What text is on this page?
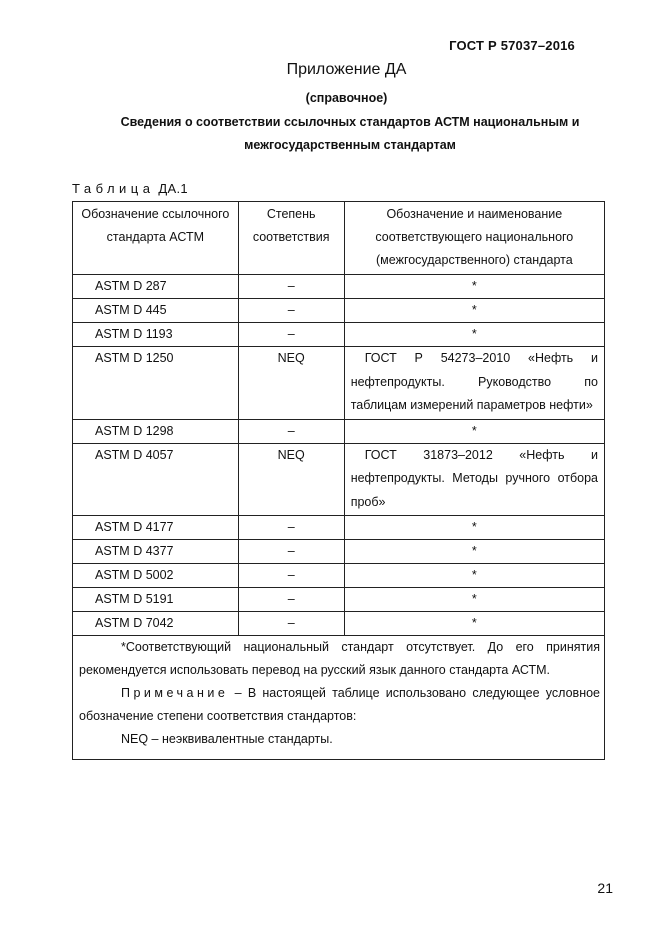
ГОСТ Р 57037–2016
Приложение ДА
(справочное)
Сведения о соответствии ссылочных стандартов АСТМ национальным и
межгосударственным стандартам
Таблица ДА.1
Обозначение ссылочного стандарта АСТМ	Степень соответствия	Обозначение и наименование соответствующего национального (межгосударственного) стандарта
ASTM D 287	–	*
ASTM D 445	–	*
ASTM D 1193	–	*
ASTM D 1250	NEQ	ГОСТ Р 54273–2010 «Нефть и нефтепродукты. Руководство по таблицам измерений параметров нефти»

ASTM D 1298	–	*
ASTM D 4057	NEQ	ГОСТ 31873–2012 «Нефть и нефтепродукты. Методы ручного отбора проб»

ASTM D 4177	–	*
ASTM D 4377	–	*
ASTM D 5002	–	*
ASTM D 5191	–	*
ASTM D 7042	–	*

*Соответствующий национальный стандарт отсутствует. До его принятия рекомендуется использовать перевод на русский язык данного стандарта АСТМ.
Примечание – В настоящей таблице использовано следующее условное обозначение степени соответствия стандартов:
NEQ – неэквивалентные стандарты.		
21
